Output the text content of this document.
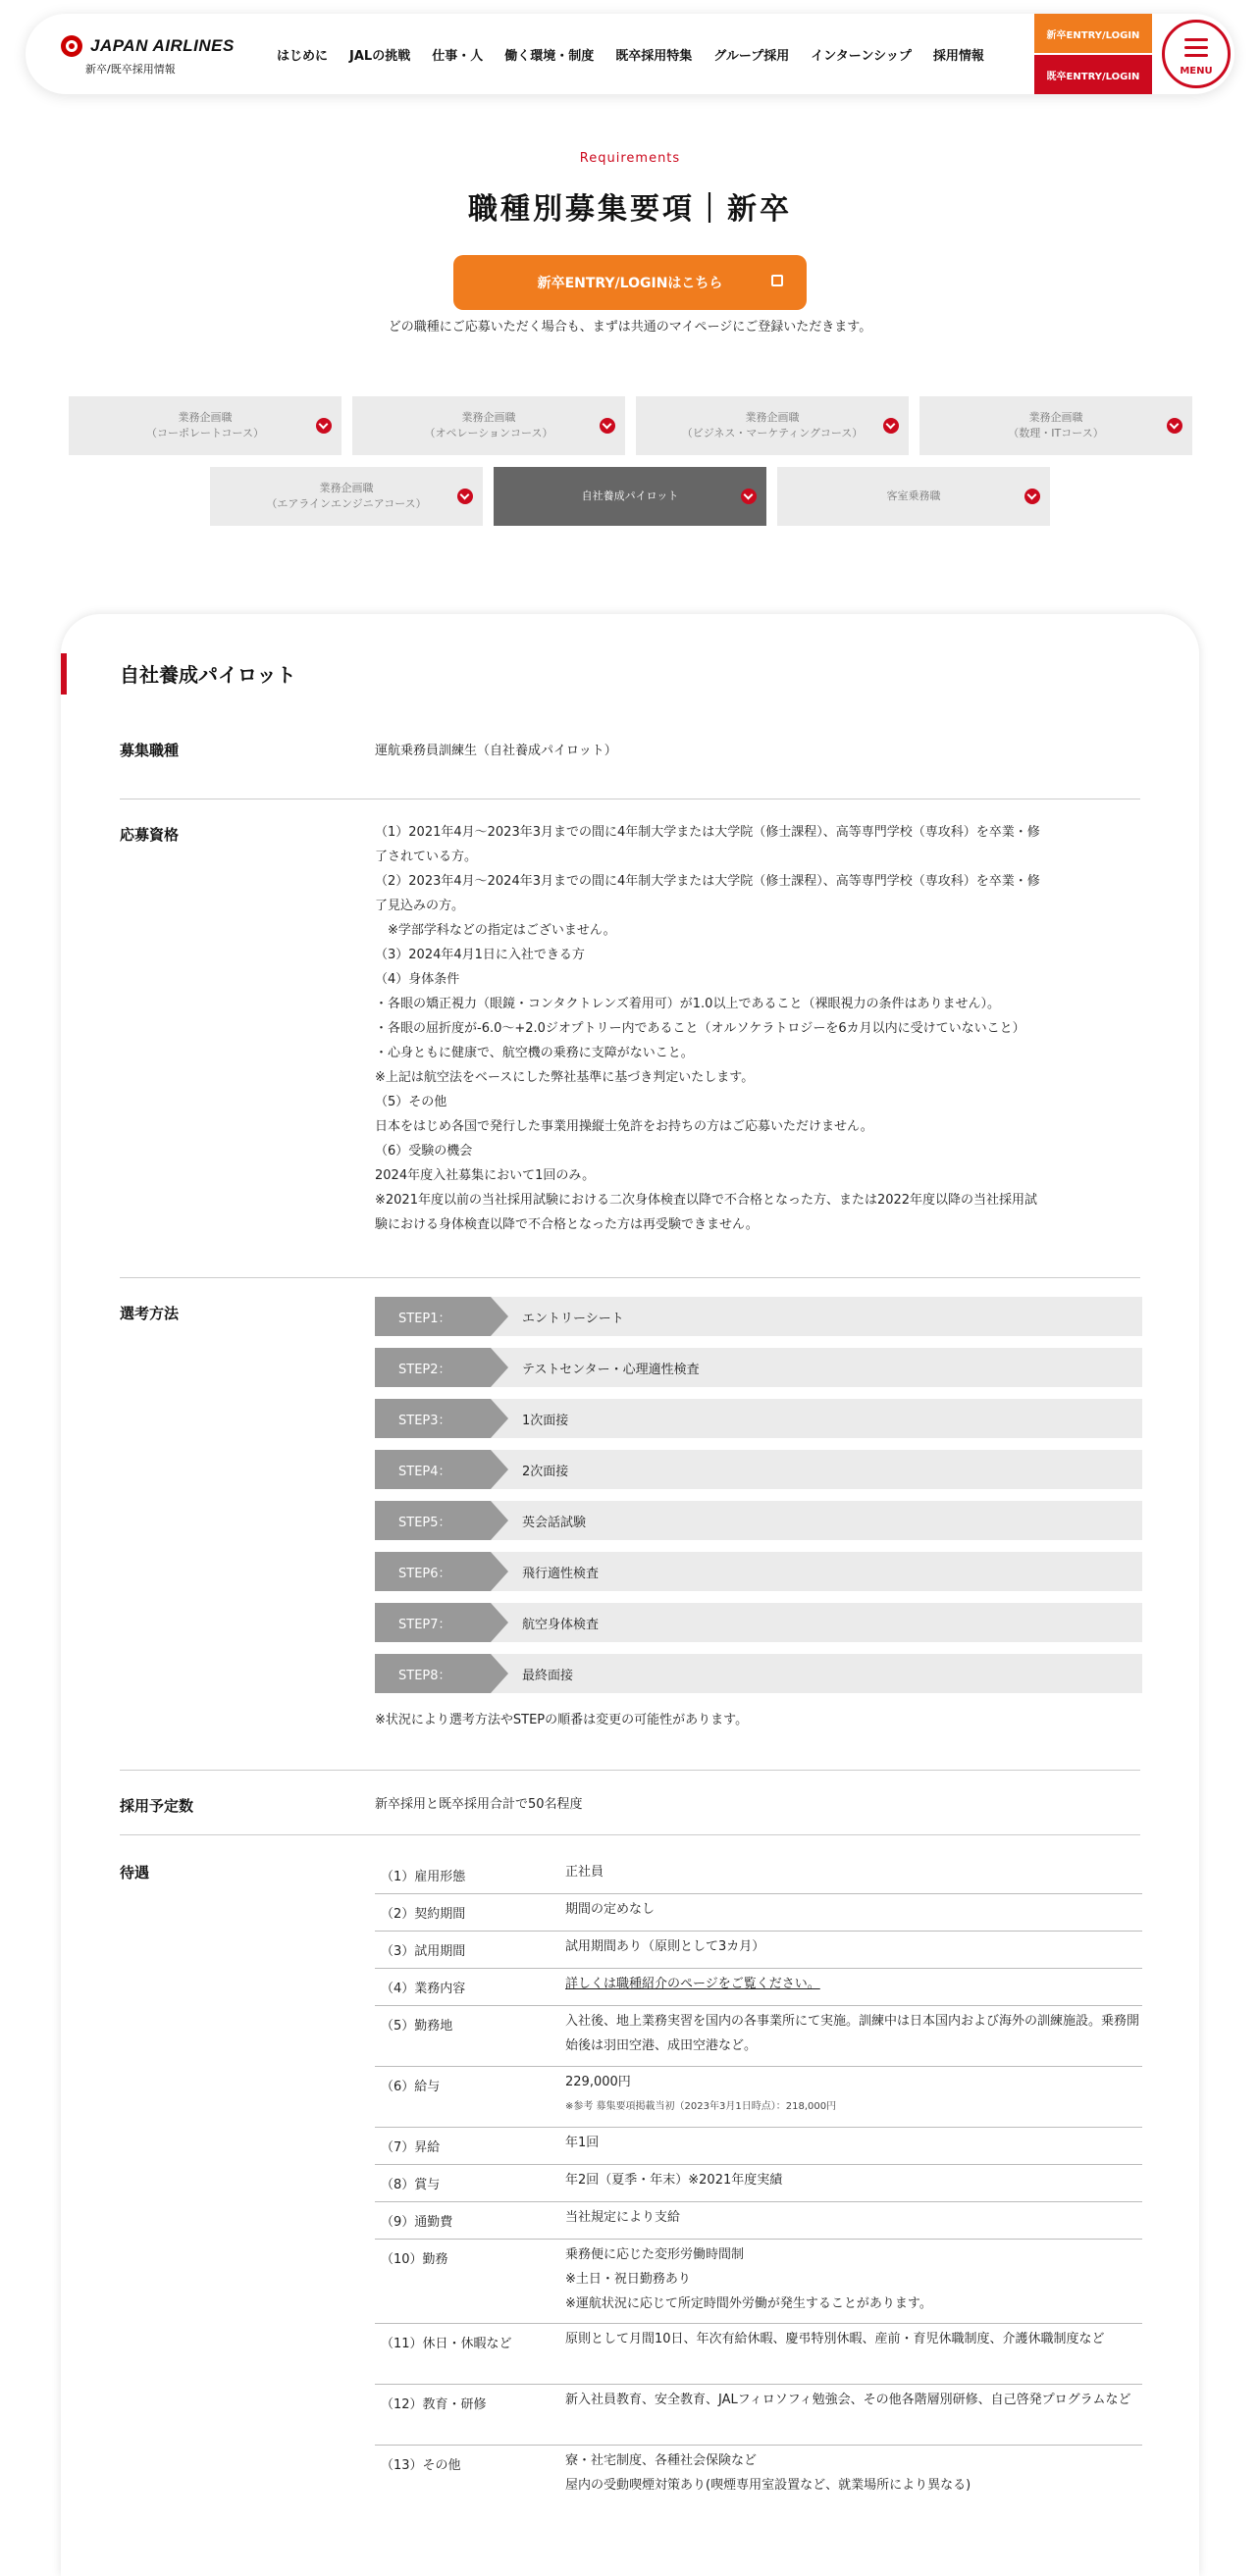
JAPAN AIRLINES
新卒/既卒採用情報
はじめに JALの挑戦 仕事・人 働く環境・制度 既卒採用特集 グループ採用 インターンシップ 採用情報
新卒ENTRY/LOGIN
既卒ENTRY/LOGIN	MENU
Requirements
職種別募集要項｜新卒
新卒ENTRY/LOGINはこちら
どの職種にご応募いただく場合も、まずは共通のマイページにご登録いただきます。
業務企画職
（コーポレートコース）
業務企画職
（オペレーションコース）
業務企画職
（ビジネス・マーケティングコース）
業務企画職
（数理・ITコース）
業務企画職
（エアラインエンジニアコース）
自社養成パイロット	客室乗務職
自社養成パイロット
募集職種	運航乗務員訓練生（自社養成パイロット）
応募資格	（1）2021年4月〜2023年3月までの間に4年制大学または大学院（修士課程）、高等専門学校（専攻科）を卒業・修
了されている方。
（2）2023年4月〜2024年3月までの間に4年制大学または大学院（修士課程）、高等専門学校（専攻科）を卒業・修
了見込みの方。
　※学部学科などの指定はございません。
（3）2024年4月1日に入社できる方
（4）身体条件
・各眼の矯正視力（眼鏡・コンタクトレンズ着用可）が1.0以上であること（裸眼視力の条件はありません）。
・各眼の屈折度が-6.0〜+2.0ジオプトリー内であること（オルソケラトロジーを6カ月以内に受けていないこと）
・心身ともに健康で、航空機の乗務に支障がないこと。
※上記は航空法をベースにした弊社基準に基づき判定いたします。
（5）その他
日本をはじめ各国で発行した事業用操縦士免許をお持ちの方はご応募いただけません。
（6）受験の機会
2024年度入社募集において1回のみ。
※2021年度以前の当社採用試験における二次身体検査以降で不合格となった方、または2022年度以降の当社採用試
験における身体検査以降で不合格となった方は再受験できません。
選考方法	STEP1：	エントリーシート
STEP2：	テストセンター・心理適性検査
STEP3：	1次面接
STEP4：	2次面接
STEP5：	英会話試験
STEP6：	飛行適性検査
STEP7：	航空身体検査
STEP8：	最終面接
※状況により選考方法やSTEPの順番は変更の可能性があります。
採用予定数	新卒採用と既卒採用合計で50名程度
待遇	（1）雇用形態	正社員
（2）契約期間	期間の定めなし
（3）試用期間	試用期間あり（原則として3カ月）
（4）業務内容	詳しくは職種紹介のページをご覧ください。
（5）勤務地	入社後、地上業務実習を国内の各事業所にて実施。訓練中は日本国内および海外の訓練施設。乗務開始後は羽田空港、成田空港など。
（6）給与	229,000円
※参考 募集要項掲載当初（2023年3月1日時点）：218,000円
（7）昇給	年1回
（8）賞与	年2回（夏季・年末）※2021年度実績
（9）通勤費	当社規定により支給
（10）勤務	乗務便に応じた変形労働時間制
※土日・祝日勤務あり
※運航状況に応じて所定時間外労働が発生することがあります。
（11）休日・休暇など	原則として月間10日、年次有給休暇、慶弔特別休暇、産前・育児休職制度、介護休職制度など
（12）教育・研修	新入社員教育、安全教育、JALフィロソフィ勉強会、その他各階層別研修、自己啓発プログラムなど
（13）その他	寮・社宅制度、各種社会保険など
屋内の受動喫煙対策あり(喫煙専用室設置など、就業場所により異なる)
